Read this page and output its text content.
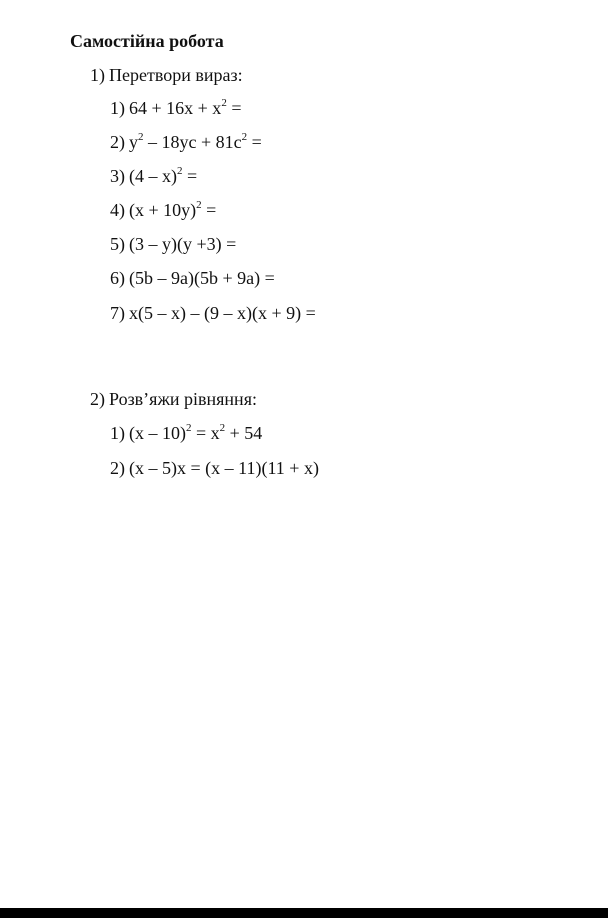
Самостійна робота
1) Перетвори вираз:
1) $64 + 16x + x^2$ =
2) $y^2 - 18yc + 81c^2$ =
3) (4 – x)$^2$ =
4) $(x + 10y)^2$ =
5) (3 – y)(y +3) =
6) (5b – 9a)(5b + 9a) =
7) x(5 – x) – (9 – x)(x + 9) =
2) Розв’яжи рівняння:
1) $(x - 10)^2 = x^2 + 54$
2) (x – 5)x = (x – 11)(11 + x)
